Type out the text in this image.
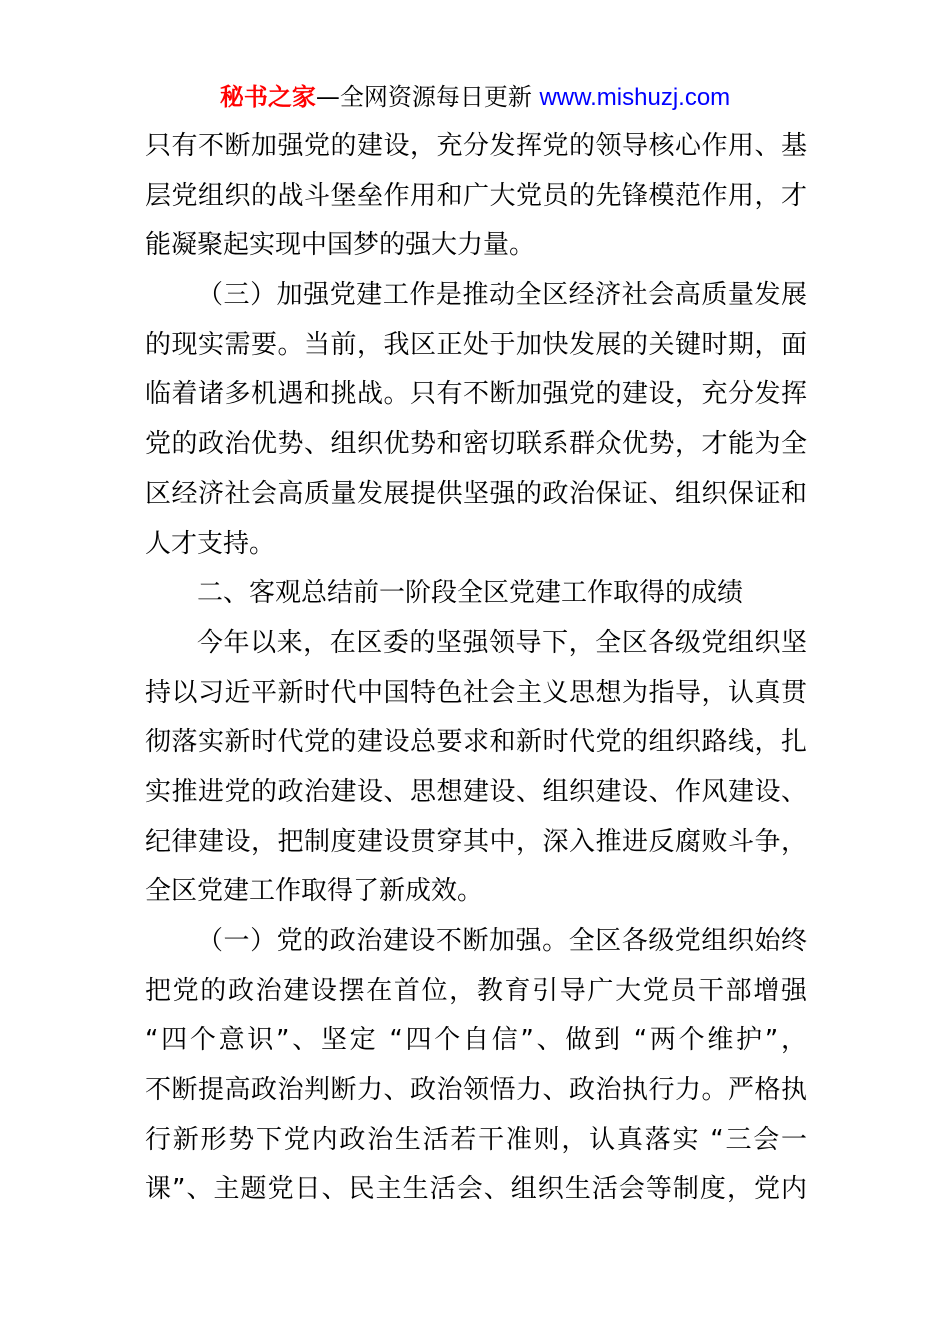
秘书之家—全网资源每日更新 www.mishuzj.com
只有不断加强党的建设，充分发挥党的领导核心作用、基
层党组织的战斗堡垒作用和广大党员的先锋模范作用，才
能凝聚起实现中国梦的强大力量。
（三）加强党建工作是推动全区经济社会高质量发展
的现实需要。当前，我区正处于加快发展的关键时期，面
临着诸多机遇和挑战。只有不断加强党的建设，充分发挥
党的政治优势、组织优势和密切联系群众优势，才能为全
区经济社会高质量发展提供坚强的政治保证、组织保证和
人才支持。
二、客观总结前一阶段全区党建工作取得的成绩
今年以来，在区委的坚强领导下，全区各级党组织坚
持以习近平新时代中国特色社会主义思想为指导，认真贯
彻落实新时代党的建设总要求和新时代党的组织路线，扎
实推进党的政治建设、思想建设、组织建设、作风建设、
纪律建设，把制度建设贯穿其中，深入推进反腐败斗争，
全区党建工作取得了新成效。
（一）党的政治建设不断加强。全区各级党组织始终
把党的政治建设摆在首位，教育引导广大党员干部增强
“四个意识”、坚定 “四个自信”、做到 “两个维护”，
不断提高政治判断力、政治领悟力、政治执行力。严格执
行新形势下党内政治生活若干准则，认真落实 “三会一
课”、主题党日、民主生活会、组织生活会等制度，党内
